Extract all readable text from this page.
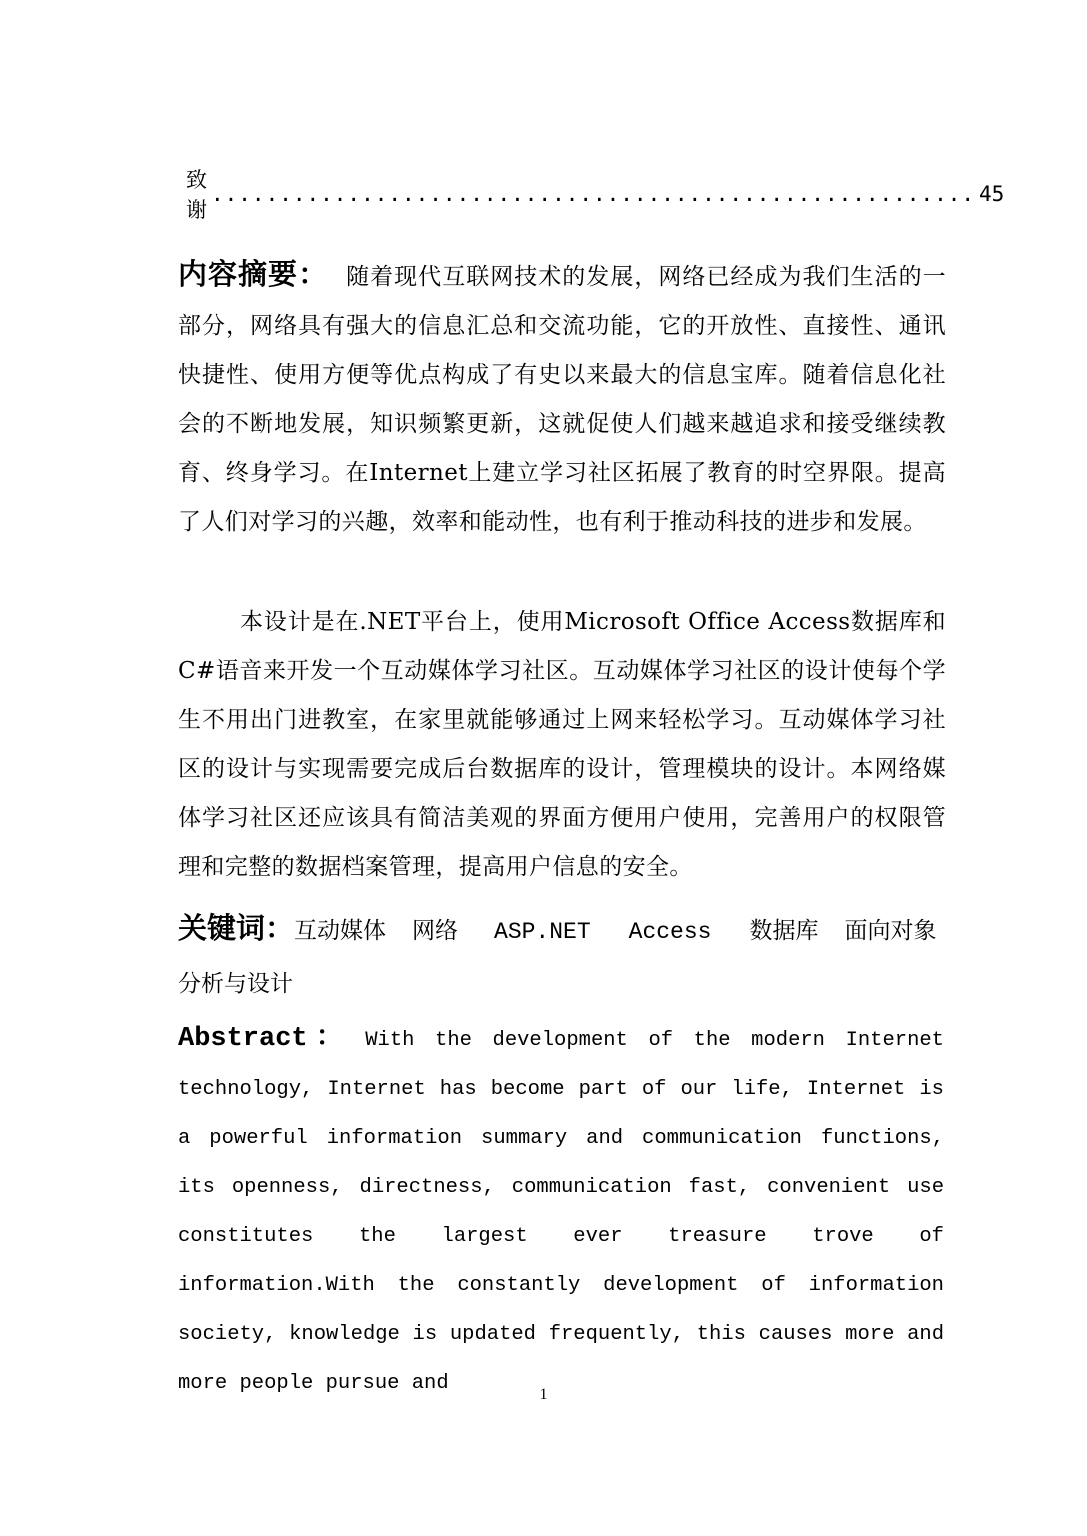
致谢
........................................................ 45

内容摘要： 随着现代互联网技术的发展，网络已经成为我们生活的一部分，网络具有强大的信息汇总和交流功能，它的开放性、直接性、通讯快捷性、使用方便等优点构成了有史以来最大的信息宝库。随着信息化社会的不断地发展，知识频繁更新，这就促使人们越来越追求和接受继续教育、终身学习。在Internet上建立学习社区拓展了教育的时空界限。提高了人们对学习的兴趣，效率和能动性，也有利于推动科技的进步和发展。

本设计是在.NET平台上，使用Microsoft Office Access数据库和C#语音来开发一个互动媒体学习社区。互动媒体学习社区的设计使每个学生不用出门进教室，在家里就能够通过上网来轻松学习。互动媒体学习社区的设计与实现需要完成后台数据库的设计，管理模块的设计。本网络媒体学习社区还应该具有简洁美观的界面方便用户使用，完善用户的权限管理和完整的数据档案管理，提高用户信息的安全。

关键词： 互动媒体 网络 ASP.NET Access 数据库 面向对象
分析与设计

Abstract： With the development of the modern Internet technology, Internet has become part of our life, Internet is a powerful information summary and communication functions, its openness, directness, communication fast, convenient use constitutes the largest ever treasure trove of information.With the constantly development of information society, knowledge is updated frequently, this causes more and more people pursue and	1
